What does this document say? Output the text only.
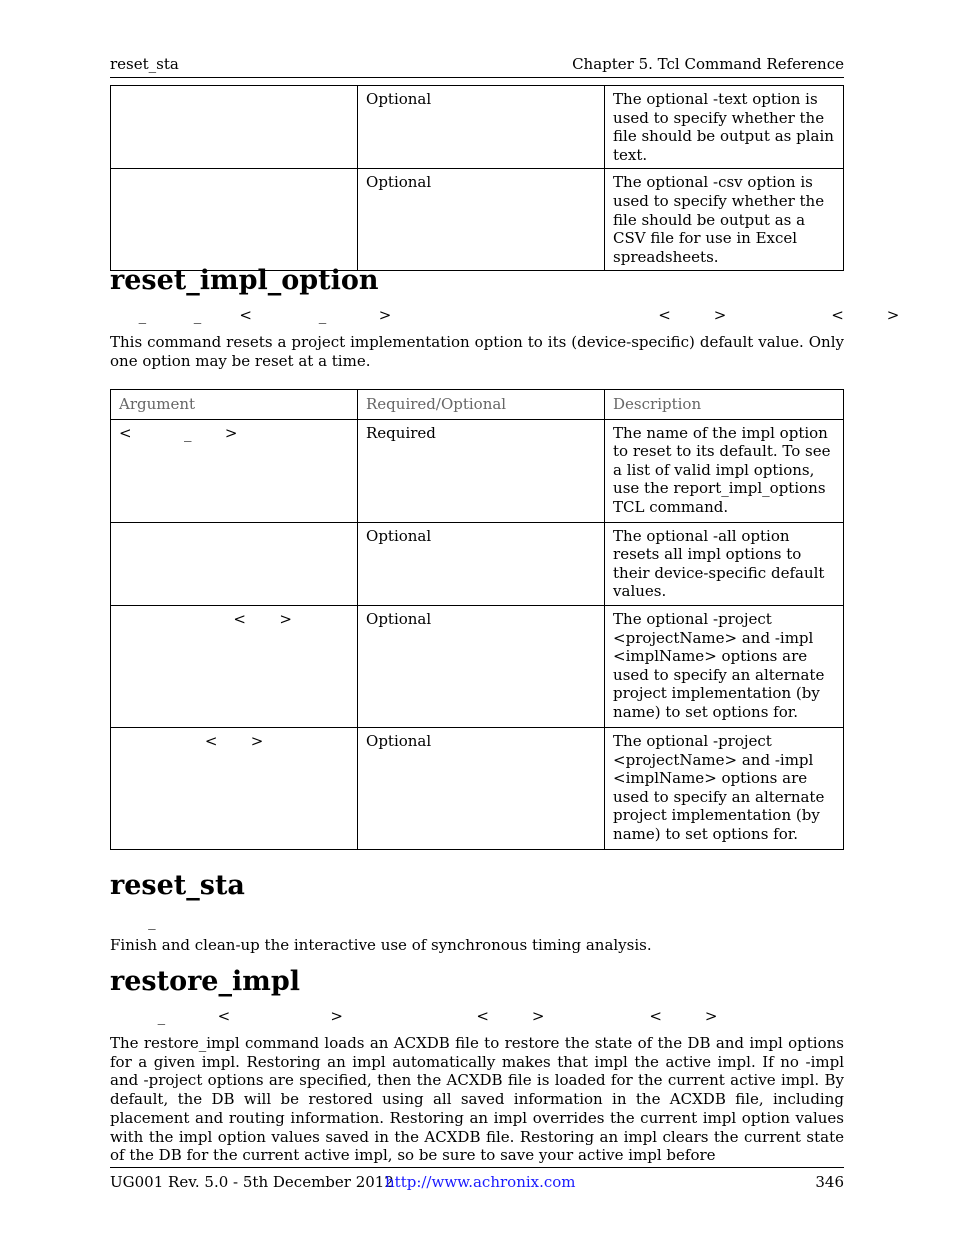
reset_sta	Chapter 5. Tcl Command Reference
	Optional	The optional -text option is used to specify whether the file should be output as plain text.
	Optional	The optional -csv option is used to specify whether the file should be output as a CSV file for use in Excel spreadsheets.
reset_impl_option
_          _        <              _           >                                                        <         >                      <         >

This command resets a project implementation option to its (device-specific) default value. Only one option may be reset at a time.

Argument	Required/Optional	Description
<           _       >	Required	The name of the impl option to reset to its default. To see a list of valid impl options, use the report_impl_options TCL command.
	Optional	The optional -all option resets all impl options to their device-specific default values.
<       >	Optional	The optional -project <projectName> and -impl <implName> options are used to specify an alternate project implementation (by name) to set options for.
<       >	Optional	The optional -project <projectName> and -impl <implName> options are used to specify an alternate project implementation (by name) to set options for.
reset_sta
_

Finish and clean-up the interactive use of synchronous timing analysis.

restore_impl
_           <                     >                            <         >                      <         >

The restore_impl command loads an ACXDB file to restore the state of the DB and impl options for a given impl. Restoring an impl automatically makes that impl the active impl. If no -impl and -project options are specified, then the ACXDB file is loaded for the current active impl. By default, the DB will be restored using all saved information in the ACXDB file, including placement and routing information. Restoring an impl overrides the current impl option values with the impl option values saved in the ACXDB file. Restoring an impl clears the current state of the DB for the current active impl, so be sure to save your active impl before

UG001 Rev. 5.0 - 5th December 2012
http://www.achronix.com	346
